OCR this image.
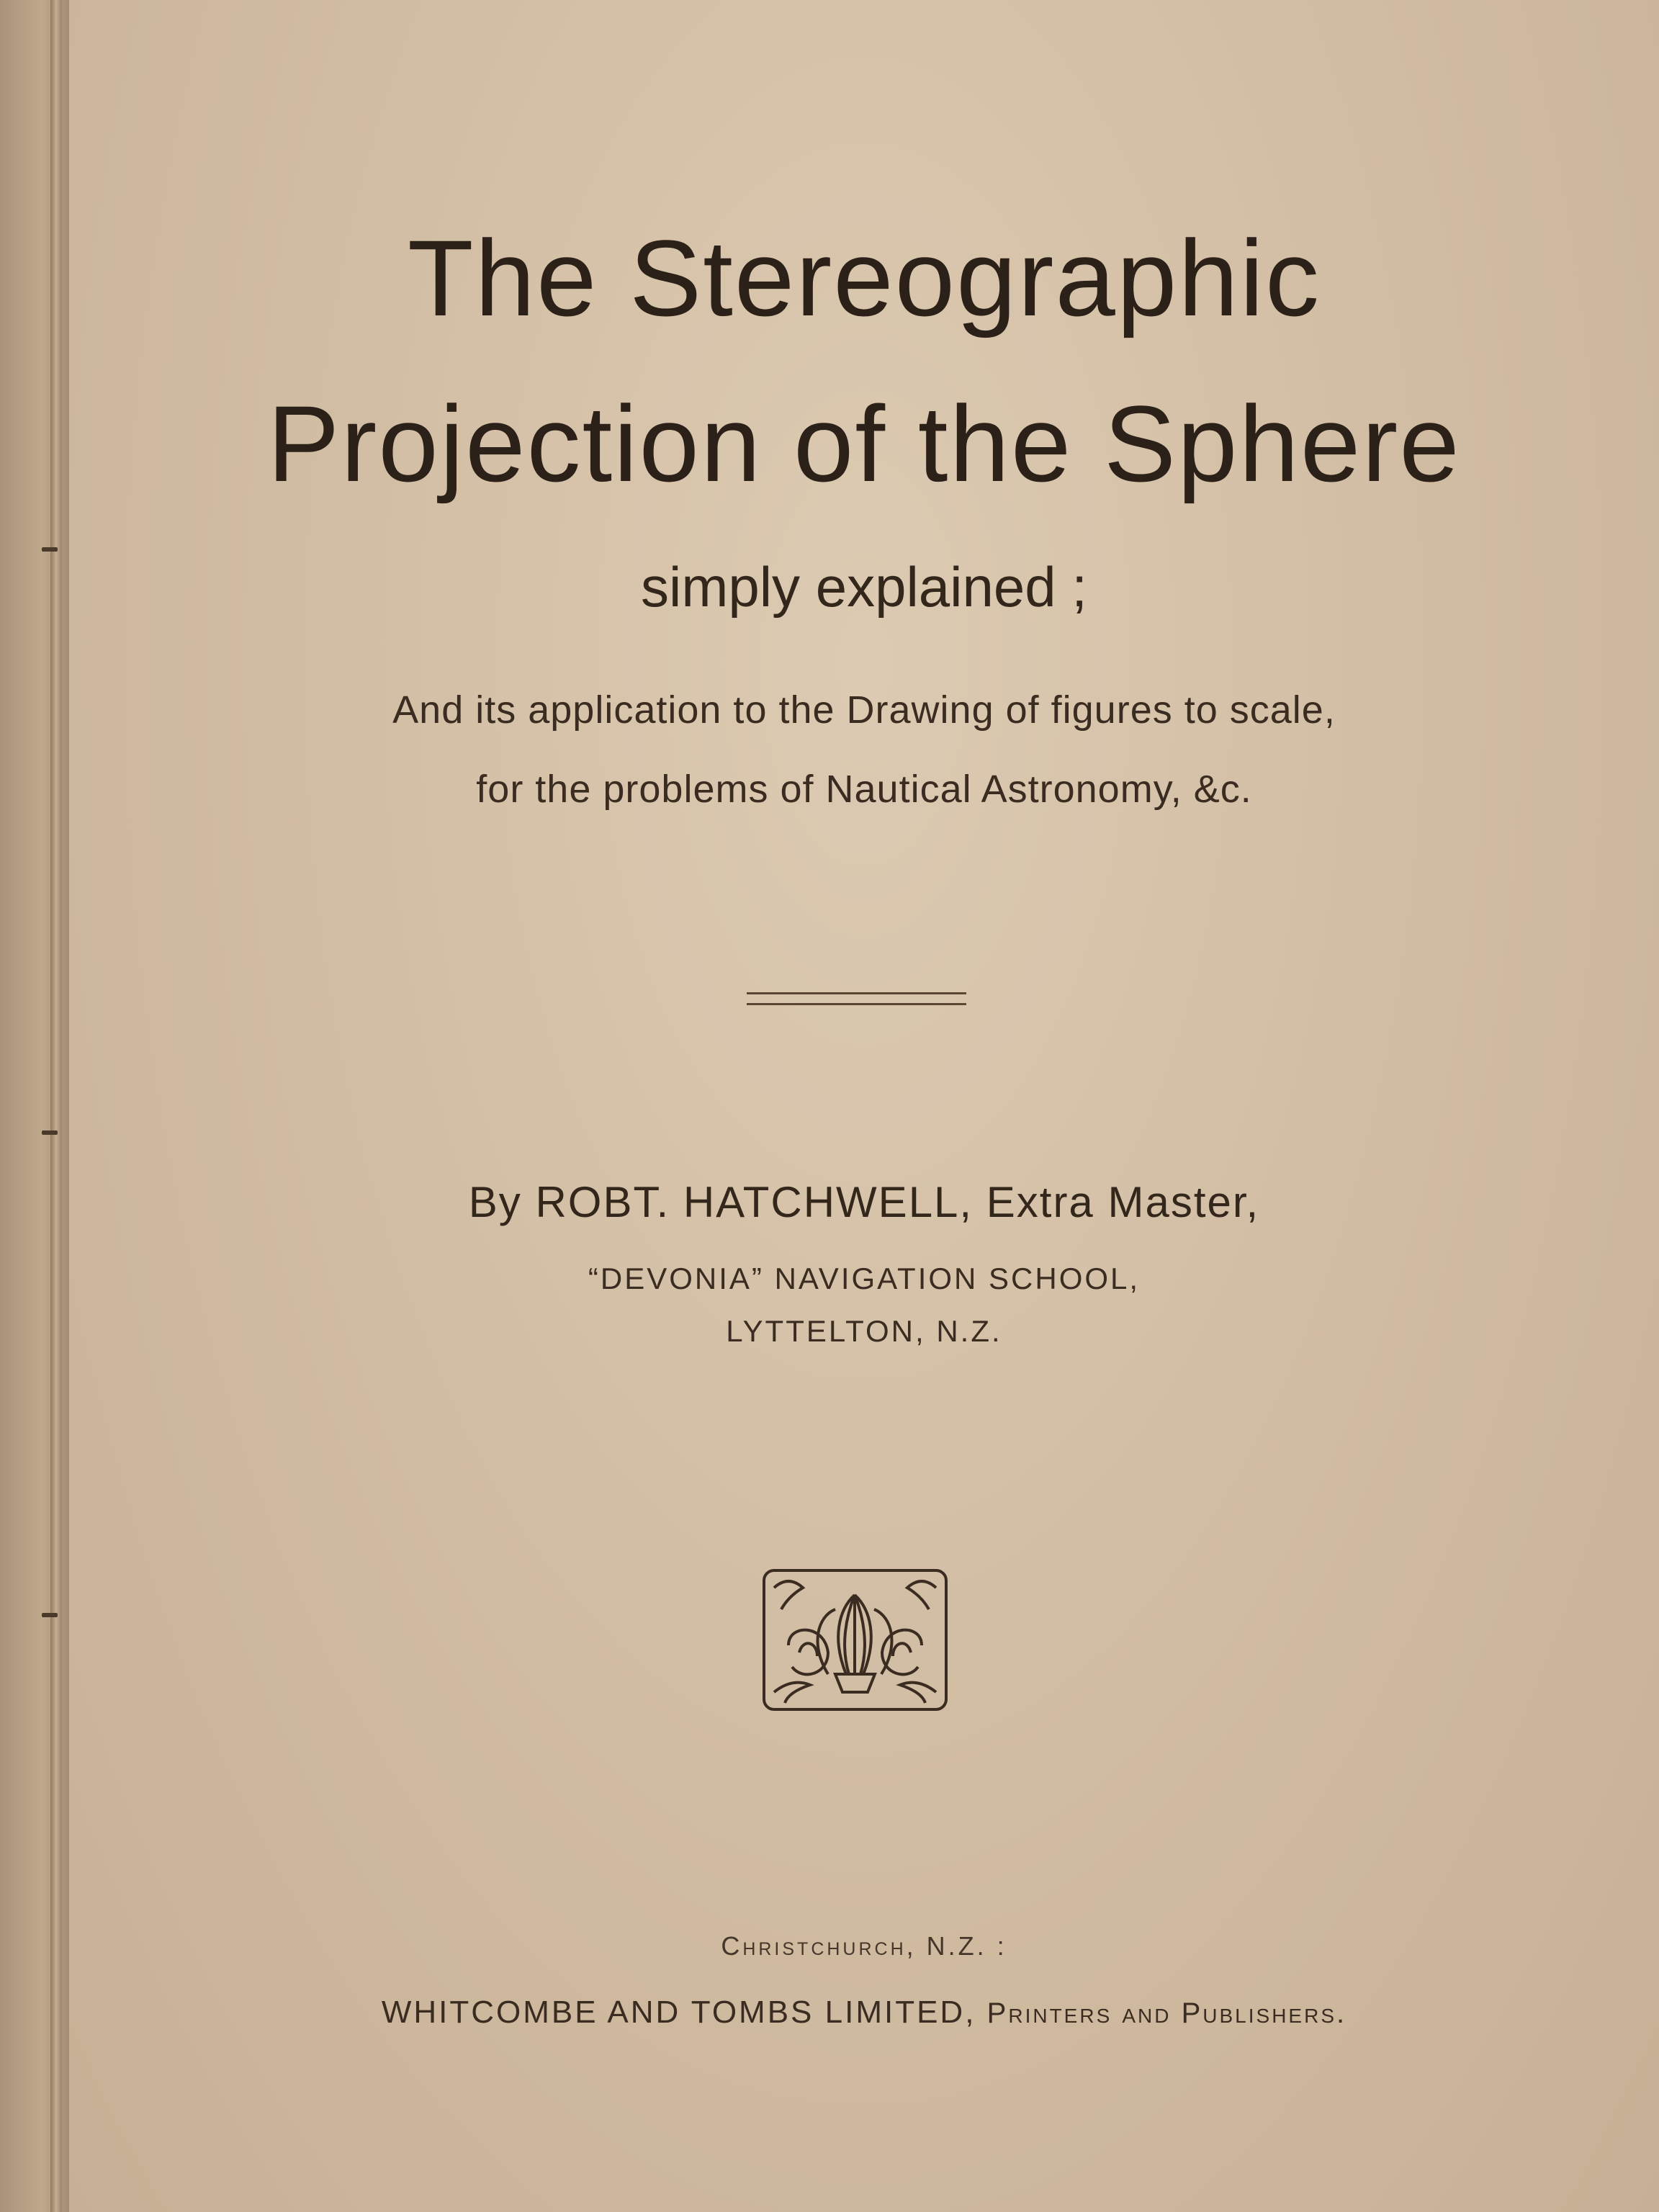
The Stereographic
Projection of the Sphere
simply explained ;
And its application to the Drawing of figures to scale,
for the problems of Nautical Astronomy, &c.
By ROBT. HATCHWELL, Extra Master,
“DEVONIA” NAVIGATION SCHOOL,
LYTTELTON, N.Z.
Christchurch, N.Z. :
WHITCOMBE AND TOMBS LIMITED, Printers and Publishers.
